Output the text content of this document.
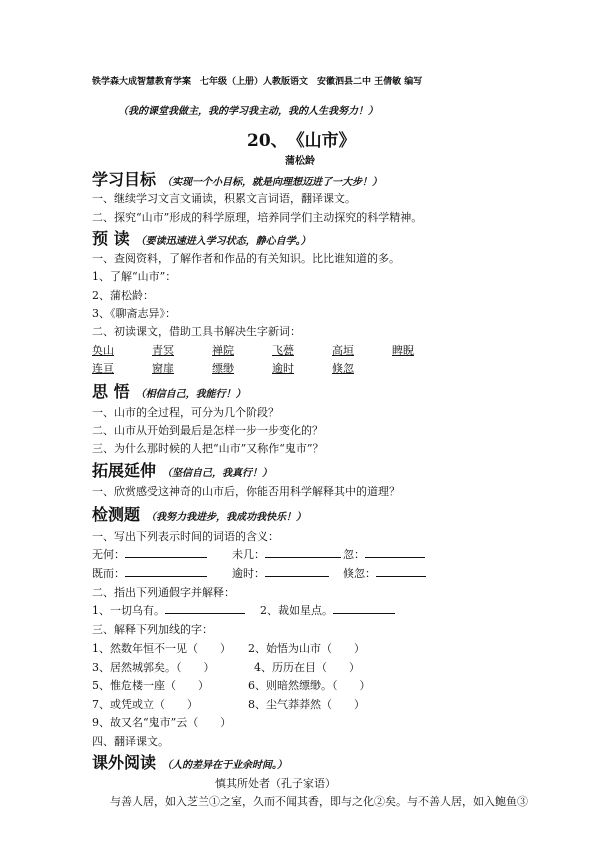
铁学森大成智慧教育学案　七年级（上册）人教版语文　安徽泗县二中 王倩敏 编写
（我的课堂我做主，我的学习我主动，我的人生我努力！）
20、　《山市》
蒲松龄
学习目标 （实现一个小目标，就是向理想迈进了一大步！）
一、继续学习文言文诵读，积累文言词语，翻译课文。
二、探究“山市”形成的科学原理，培养同学们主动探究的科学精神。
预 读 （要读迅速进入学习状态，静心自学。）
一、查阅资料，了解作者和作品的有关知识。比比谁知道的多。
1、了解“山市”：
2、蒲松龄：
3、《聊斋志异》：
二、初读课文，借助工具书解决生字新词：
奂山	青冥	禅院	飞甍	高垣	睥睨
连亘	窗扉	缥缈	逾时	倏忽
思 悟 （相信自己，我能行！）
一、山市的全过程，可分为几个阶段？
二、山市从开始到最后是怎样一步一步变化的？
三、为什么那时候的人把“山市”又称作“鬼市”？
拓展延伸 （坚信自己，我真行！）
一、欣赏感受这神奇的山市后，你能否用科学解释其中的道理？
检测题 （我努力我进步，我成功我快乐！）
一、写出下列表示时间的词语的含义：
无何：	未几：	忽：
既而：	逾时：	倏忽：
二、指出下列通假字并解释：
1、一切乌有。	2、裁如星点。
三、解释下列加线的字：
1、然数年恒不一见（　　） 2、始悟为山市（　　）
3、居然城郭矣。（　　）	4、历历在目（　　）
5、惟危楼一座（　　）	6、则暗然缥缈。（　　）
7、或凭或立（　　）	8、尘气莽莽然（　　）
9、故又名“鬼市”云（　　）
四、翻译课文。
课外阅读 （人的差异在于业余时间。）
慎其所处者（孔子家语）
与善人居，如入芝兰①之室，久而不闻其香，即与之化②矣。与不善人居，如入鲍鱼③
